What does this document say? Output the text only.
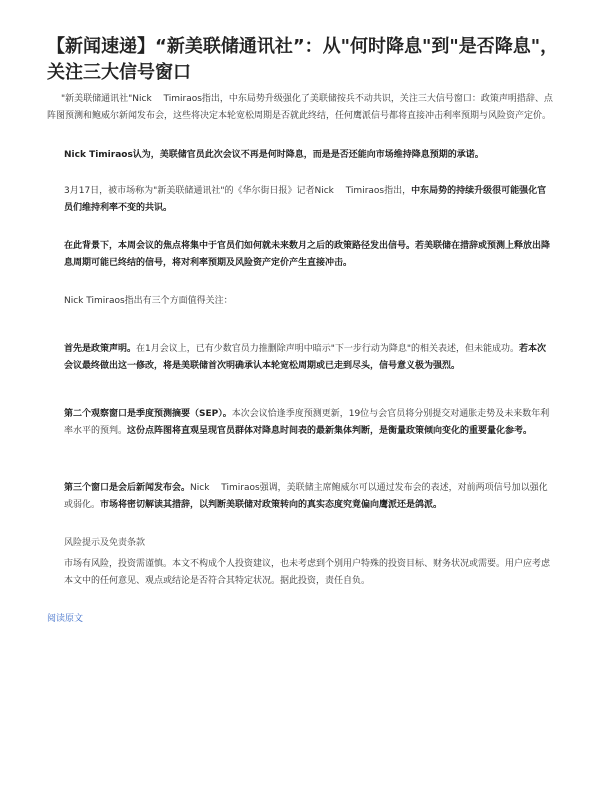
【新闻速递】“新美联储通讯社”：从"何时降息"到"是否降息"，关注三大信号窗口

"新美联储通讯社"Nick　 Timiraos指出，中东局势升级强化了美联储按兵不动共识，关注三大信号窗口：政策声明措辞、点阵图预测和鲍威尔新闻发布会，这些将决定本轮宽松周期是否就此终结，任何鹰派信号都将直接冲击利率预期与风险资产定价。

Nick Timiraos认为，美联储官员此次会议不再是何时降息，而是是否还能向市场维持降息预期的承诺。

3月17日，被市场称为"新美联储通讯社"的《华尔街日报》记者Nick　 Timiraos指出，中东局势的持续升级很可能强化官员们维持利率不变的共识。

在此背景下，本周会议的焦点将集中于官员们如何就未来数月之后的政策路径发出信号。若美联储在措辞或预测上释放出降息周期可能已终结的信号，将对利率预期及风险资产定价产生直接冲击。

Nick Timiraos指出有三个方面值得关注：

首先是政策声明。在1月会议上，已有少数官员力推删除声明中暗示"下一步行动为降息"的相关表述，但未能成功。若本次会议最终做出这一修改，将是美联储首次明确承认本轮宽松周期或已走到尽头，信号意义极为强烈。

第二个观察窗口是季度预测摘要（SEP）。本次会议恰逢季度预测更新，19位与会官员将分别提交对通胀走势及未来数年利率水平的预判。这份点阵图将直观呈现官员群体对降息时间表的最新集体判断，是衡量政策倾向变化的重要量化参考。

第三个窗口是会后新闻发布会。Nick　 Timiraos强调，美联储主席鲍威尔可以通过发布会的表述，对前两项信号加以强化或弱化。市场将密切解读其措辞，以判断美联储对政策转向的真实态度究竟偏向鹰派还是鸽派。

风险提示及免责条款

市场有风险，投资需谨慎。本文不构成个人投资建议，也未考虑到个别用户特殊的投资目标、财务状况或需要。用户应考虑本文中的任何意见、观点或结论是否符合其特定状况。据此投资，责任自负。

阅读原文
